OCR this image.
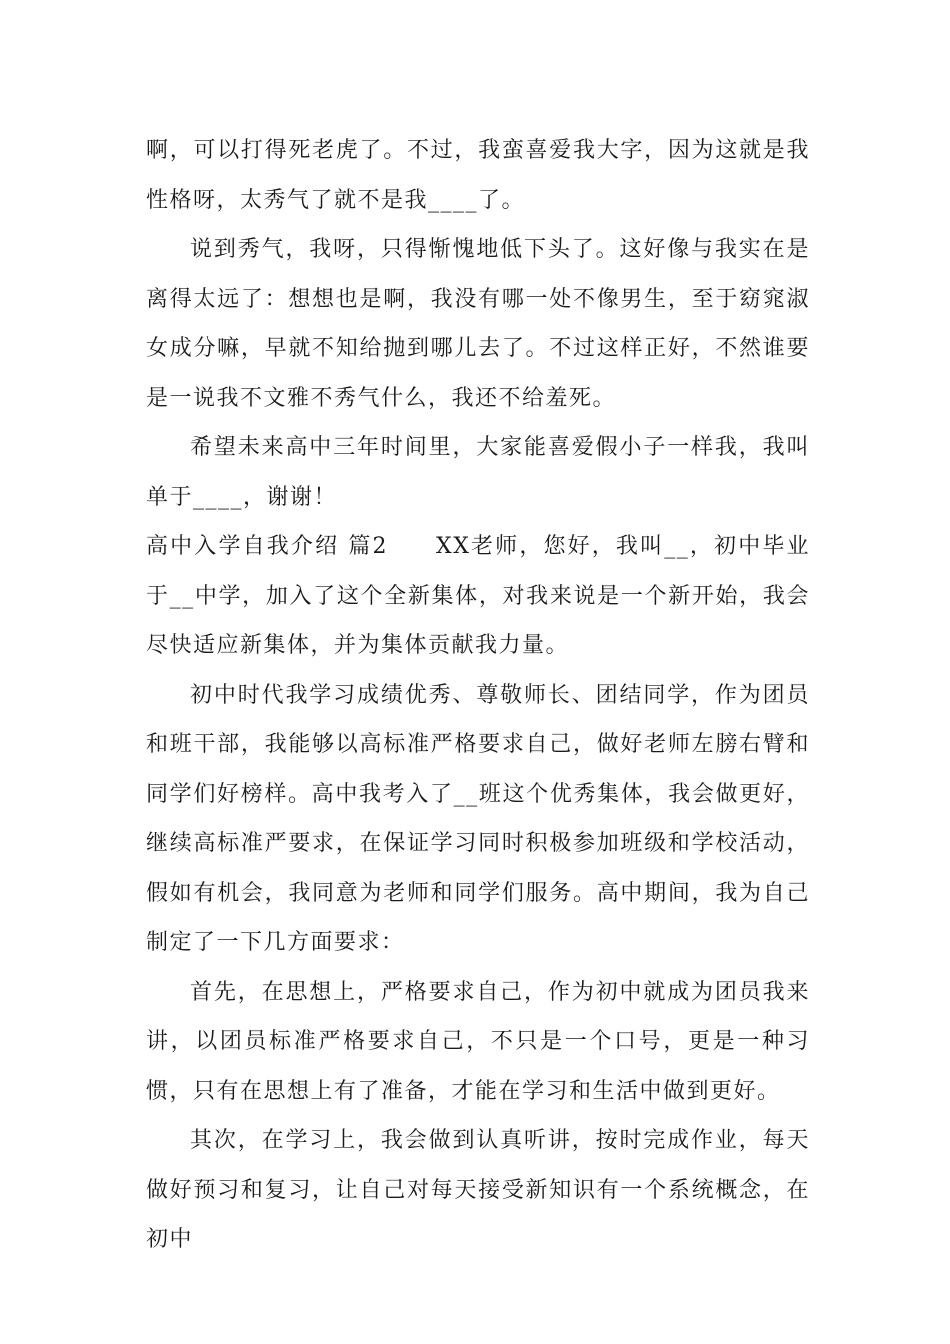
啊，可以打得死老虎了。不过，我蛮喜爱我大字，因为这就是我性格呀，太秀气了就不是我____了。

说到秀气，我呀，只得惭愧地低下头了。这好像与我实在是离得太远了：想想也是啊，我没有哪一处不像男生，至于窈窕淑女成分嘛，早就不知给抛到哪儿去了。不过这样正好，不然谁要是一说我不文雅不秀气什么，我还不给羞死。

希望未来高中三年时间里，大家能喜爱假小子一样我，我叫单于____，谢谢！

高中入学自我介绍 篇2 XX老师，您好，我叫__，初中毕业于__中学，加入了这个全新集体，对我来说是一个新开始，我会尽快适应新集体，并为集体贡献我力量。

初中时代我学习成绩优秀、尊敬师长、团结同学，作为团员和班干部，我能够以高标准严格要求自己，做好老师左膀右臂和同学们好榜样。高中我考入了__班这个优秀集体，我会做更好，继续高标准严要求，在保证学习同时积极参加班级和学校活动，假如有机会，我同意为老师和同学们服务。高中期间，我为自己制定了一下几方面要求：

首先，在思想上，严格要求自己，作为初中就成为团员我来讲，以团员标准严格要求自己，不只是一个口号，更是一种习惯，只有在思想上有了准备，才能在学习和生活中做到更好。

其次，在学习上，我会做到认真听讲，按时完成作业，每天做好预习和复习，让自己对每天接受新知识有一个系统概念，在初中
